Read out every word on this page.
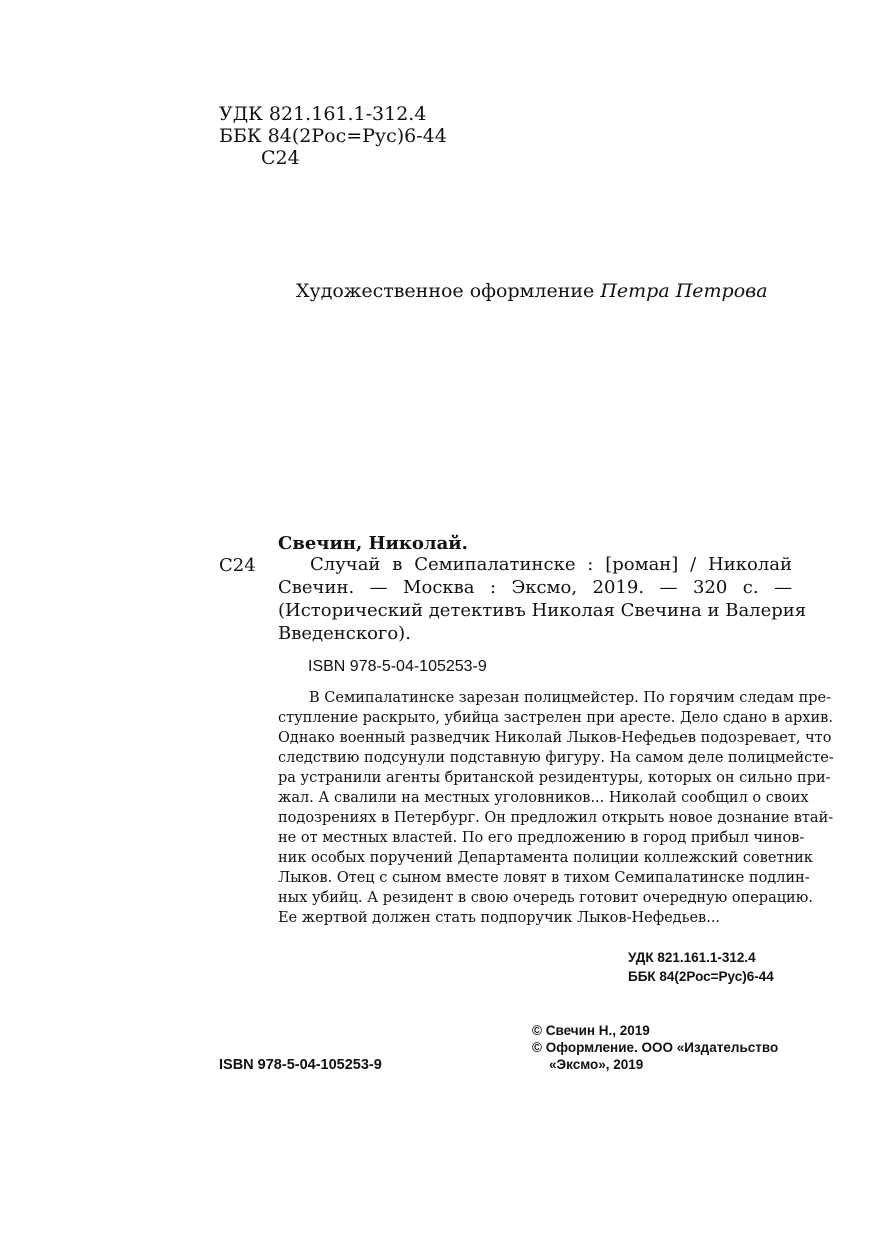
УДК 821.161.1-312.4
ББК 84(2Рос=Рус)6-44
С24
Художественное оформление Петра Петрова
Свечин, Николай.
С24	Случай в Семипалатинске : [роман] / Николай
Свечин. — Москва : Эксмо, 2019. — 320 с. —
(Исторический детективъ Николая Свечина и Валерия
Введенского).
ISBN 978-5-04-105253-9
В Семипалатинске зарезан полицмейстер. По горячим следам пре-
ступление раскрыто, убийца застрелен при аресте. Дело сдано в архив.
Однако военный разведчик Николай Лыков-Нефедьев подозревает, что
следствию подсунули подставную фигуру. На самом деле полицмейсте-
ра устранили агенты британской резидентуры, которых он сильно при-
жал. А свалили на местных уголовников... Николай сообщил о своих
подозрениях в Петербург. Он предложил открыть новое дознание втай-
не от местных властей. По его предложению в город прибыл чинов-
ник особых поручений Департамента полиции коллежский советник
Лыков. Отец с сыном вместе ловят в тихом Семипалатинске подлин-
ных убийц. А резидент в свою очередь готовит очередную операцию.
Ее жертвой должен стать подпоручик Лыков-Нефедьев...
УДК 821.161.1-312.4
ББК 84(2Рос=Рус)6-44
© Свечин Н., 2019
© Оформление. ООО «Издательство
«Эксмо», 2019
ISBN 978-5-04-105253-9
